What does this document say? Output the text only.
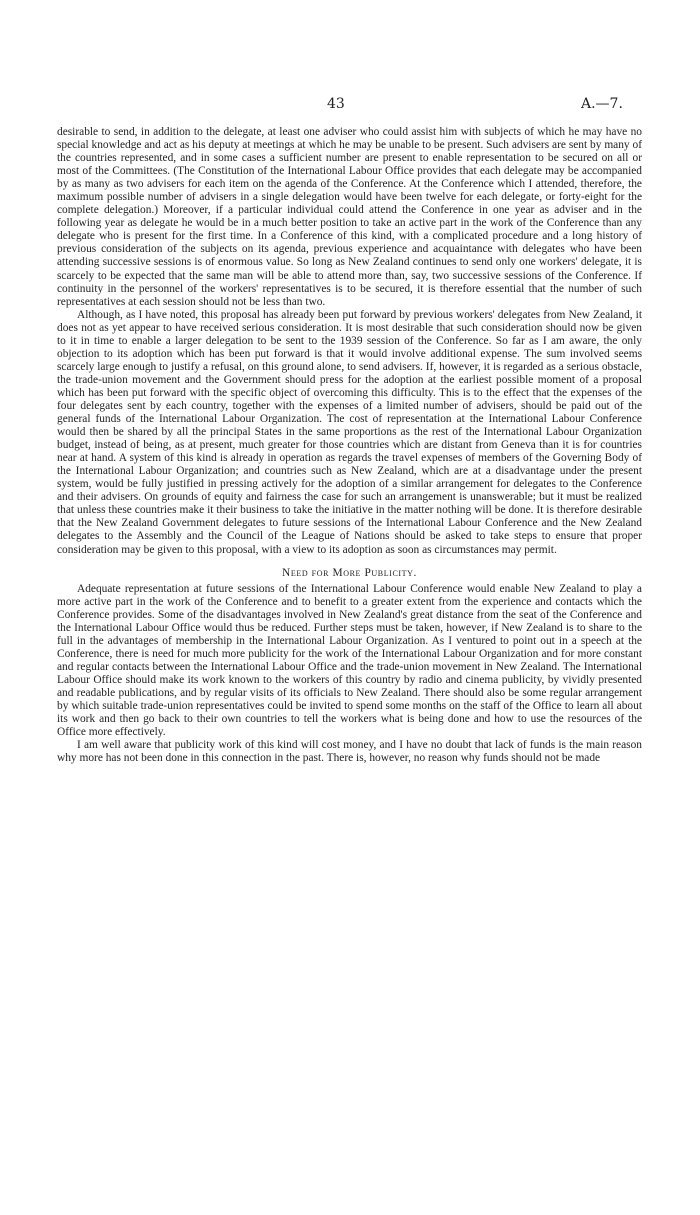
43	A.—7.

desirable to send, in addition to the delegate, at least one adviser who could assist him with subjects of which he may have no special knowledge and act as his deputy at meetings at which he may be unable to be present. Such advisers are sent by many of the countries represented, and in some cases a sufficient number are present to enable representation to be secured on all or most of the Committees. (The Constitution of the International Labour Office provides that each delegate may be accompanied by as many as two advisers for each item on the agenda of the Conference. At the Conference which I attended, therefore, the maximum possible number of advisers in a single delegation would have been twelve for each delegate, or forty-eight for the complete delegation.) Moreover, if a particular individual could attend the Conference in one year as adviser and in the following year as delegate he would be in a much better position to take an active part in the work of the Conference than any delegate who is present for the first time. In a Conference of this kind, with a complicated procedure and a long history of previous consideration of the subjects on its agenda, previous experience and acquaintance with delegates who have been attending successive sessions is of enormous value. So long as New Zealand continues to send only one workers' delegate, it is scarcely to be expected that the same man will be able to attend more than, say, two successive sessions of the Conference. If continuity in the personnel of the workers' representatives is to be secured, it is therefore essential that the number of such representatives at each session should not be less than two.

Although, as I have noted, this proposal has already been put forward by previous workers' delegates from New Zealand, it does not as yet appear to have received serious consideration. It is most desirable that such consideration should now be given to it in time to enable a larger delegation to be sent to the 1939 session of the Conference. So far as I am aware, the only objection to its adoption which has been put forward is that it would involve additional expense. The sum involved seems scarcely large enough to justify a refusal, on this ground alone, to send advisers. If, however, it is regarded as a serious obstacle, the trade-union movement and the Government should press for the adoption at the earliest possible moment of a proposal which has been put forward with the specific object of overcoming this difficulty. This is to the effect that the expenses of the four delegates sent by each country, together with the expenses of a limited number of advisers, should be paid out of the general funds of the International Labour Organization. The cost of representation at the International Labour Conference would then be shared by all the principal States in the same proportions as the rest of the International Labour Organization budget, instead of being, as at present, much greater for those countries which are distant from Geneva than it is for countries near at hand. A system of this kind is already in operation as regards the travel expenses of members of the Governing Body of the International Labour Organization; and countries such as New Zealand, which are at a disadvantage under the present system, would be fully justified in pressing actively for the adoption of a similar arrangement for delegates to the Conference and their advisers. On grounds of equity and fairness the case for such an arrangement is unanswerable; but it must be realized that unless these countries make it their business to take the initiative in the matter nothing will be done. It is therefore desirable that the New Zealand Government delegates to future sessions of the International Labour Conference and the New Zealand delegates to the Assembly and the Council of the League of Nations should be asked to take steps to ensure that proper consideration may be given to this proposal, with a view to its adoption as soon as circumstances may permit.

Need for More Publicity.

Adequate representation at future sessions of the International Labour Conference would enable New Zealand to play a more active part in the work of the Conference and to benefit to a greater extent from the experience and contacts which the Conference provides. Some of the disadvantages involved in New Zealand's great distance from the seat of the Conference and the International Labour Office would thus be reduced. Further steps must be taken, however, if New Zealand is to share to the full in the advantages of membership in the International Labour Organization. As I ventured to point out in a speech at the Conference, there is need for much more publicity for the work of the International Labour Organization and for more constant and regular contacts between the International Labour Office and the trade-union movement in New Zealand. The International Labour Office should make its work known to the workers of this country by radio and cinema publicity, by vividly presented and readable publications, and by regular visits of its officials to New Zealand. There should also be some regular arrangement by which suitable trade-union representatives could be invited to spend some months on the staff of the Office to learn all about its work and then go back to their own countries to tell the workers what is being done and how to use the resources of the Office more effectively.

I am well aware that publicity work of this kind will cost money, and I have no doubt that lack of funds is the main reason why more has not been done in this connection in the past. There is, however, no reason why funds should not be made
